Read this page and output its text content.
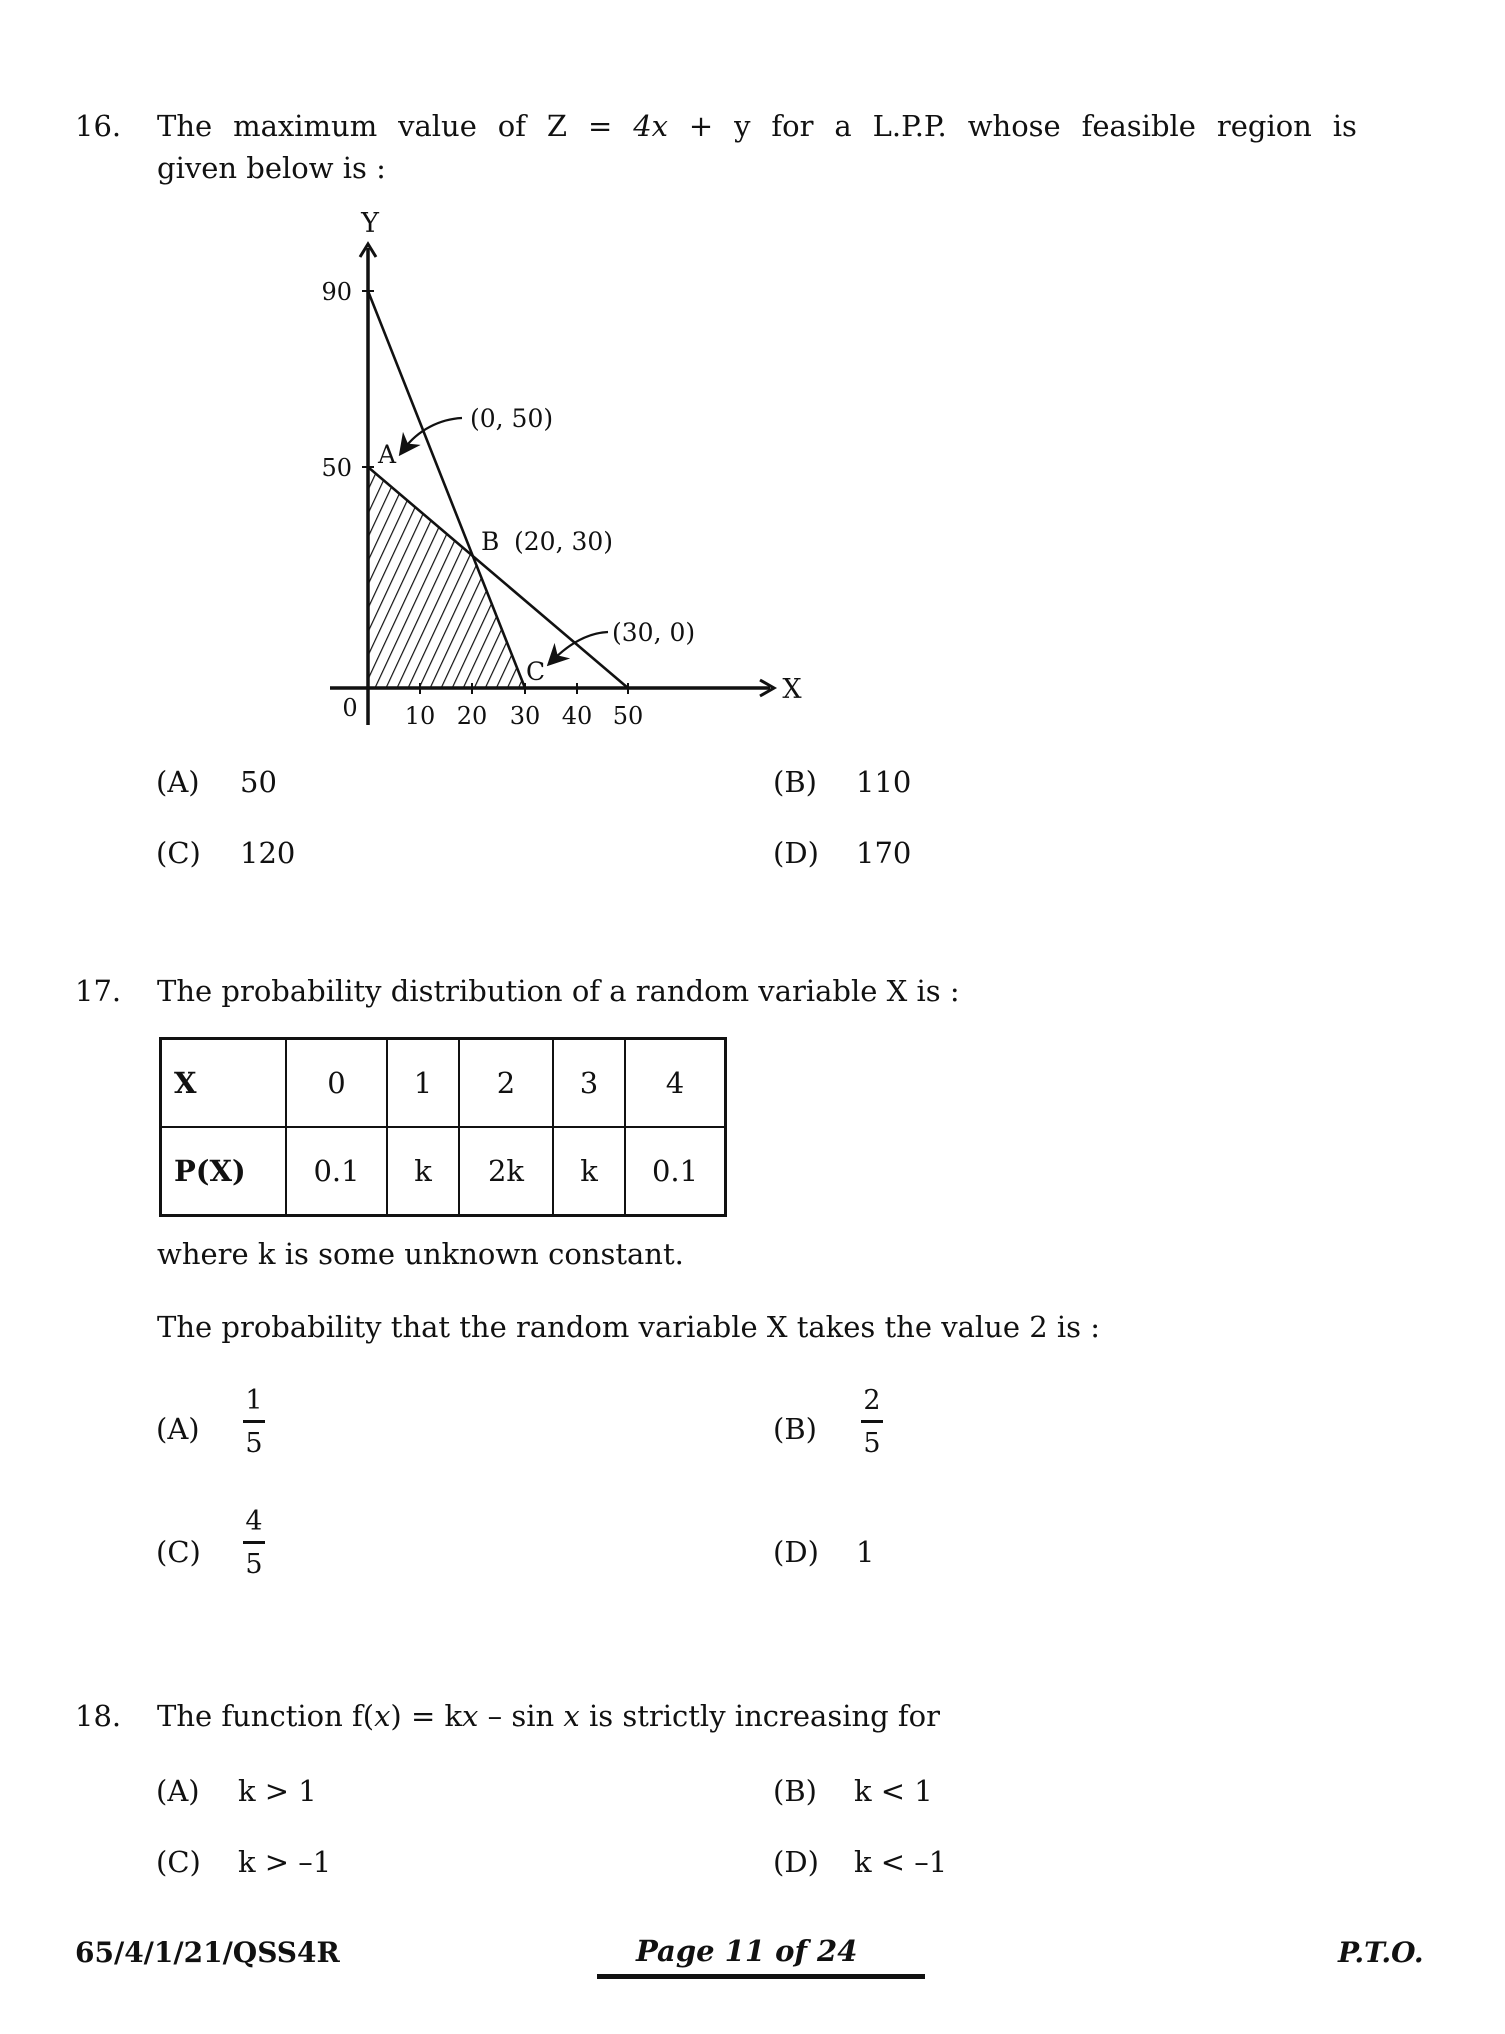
16. The maximum value of Z = 4x + y for a L.P.P. whose feasible region is
given below is :
Y
X
0 10 20 30 40 50
90
50 A
(0, 50)
B (20, 30)
C
(30, 0)
(A) 50	(B) 110
(C) 120	(D) 170
17. The probability distribution of a random variable X is :
X	0	1	2	3	4
P(X)	0.1	k	2k	k	0.1
where k is some unknown constant.
The probability that the random variable X takes the value 2 is :
(A)
1
5	(B)
2
5
(C)
4
5	(D) 1
18. The function f(x) = kx – sin x is strictly increasing for
(A) k > 1	(B) k < 1
(C) k > –1	(D) k < –1
65/4/1/21/QSS4R	Page 11 of 24	P.T.O.
